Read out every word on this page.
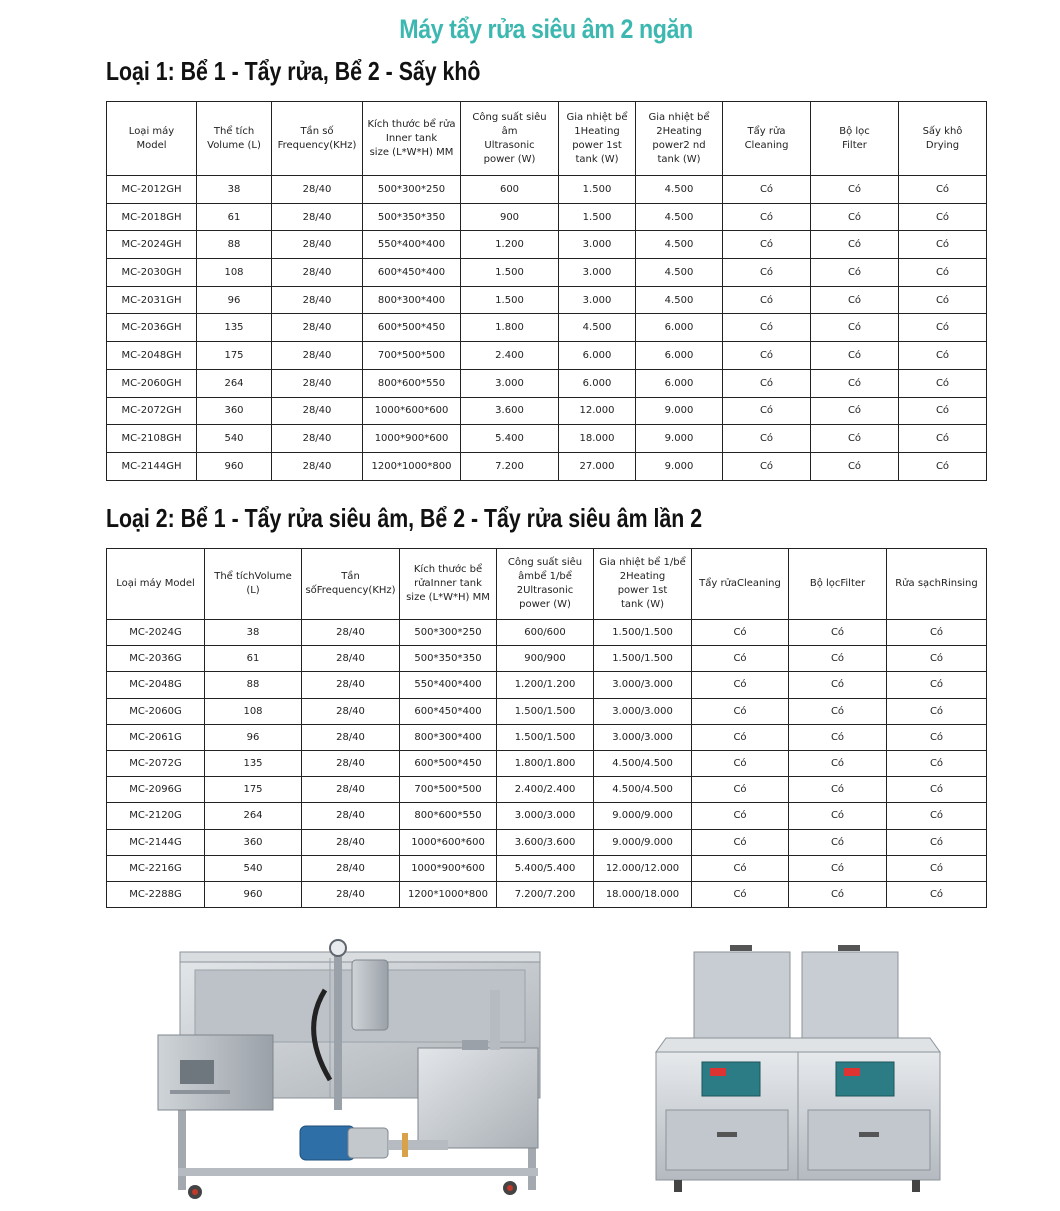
Máy tẩy rửa siêu âm 2 ngăn
Loại 1: Bể 1 - Tẩy rửa, Bể 2 - Sấy khô
Loại máy
Model	Thể tích
Volume (L)	Tần số
Frequency(KHz)	Kích thước bể rửa
Inner tank
size (L*W*H) MM	Công suất siêu âm
Ultrasonic
power (W)	Gia nhiệt bể
1Heating
power 1st
tank (W)	Gia nhiệt bể
2Heating
power2 nd
tank (W)	Tẩy rửa
Cleaning	Bộ lọc
Filter	Sấy khô
Drying
MC-2012GH	38	28/40	500*300*250	600	1.500	4.500	Có	Có	Có
MC-2018GH	61	28/40	500*350*350	900	1.500	4.500	Có	Có	Có
MC-2024GH	88	28/40	550*400*400	1.200	3.000	4.500	Có	Có	Có
MC-2030GH	108	28/40	600*450*400	1.500	3.000	4.500	Có	Có	Có
MC-2031GH	96	28/40	800*300*400	1.500	3.000	4.500	Có	Có	Có
MC-2036GH	135	28/40	600*500*450	1.800	4.500	6.000	Có	Có	Có
MC-2048GH	175	28/40	700*500*500	2.400	6.000	6.000	Có	Có	Có
MC-2060GH	264	28/40	800*600*550	3.000	6.000	6.000	Có	Có	Có
MC-2072GH	360	28/40	1000*600*600	3.600	12.000	9.000	Có	Có	Có
MC-2108GH	540	28/40	1000*900*600	5.400	18.000	9.000	Có	Có	Có
MC-2144GH	960	28/40	1200*1000*800	7.200	27.000	9.000	Có	Có	Có
Loại 2: Bể 1 - Tẩy rửa siêu âm, Bể 2 - Tẩy rửa siêu âm lần 2
Loại máy Model	Thể tíchVolume (L)	Tần
sốFrequency(KHz)	Kích thước bể
rửaInner tank
size (L*W*H) MM	Công suất siêu
âmbể 1/bể
2Ultrasonic
power (W)	Gia nhiệt bể 1/bể
2Heating
power 1st
tank (W)	Tẩy rửaCleaning	Bộ lọcFilter	Rửa sạchRinsing
MC-2024G	38	28/40	500*300*250	600/600	1.500/1.500	Có	Có	Có
MC-2036G	61	28/40	500*350*350	900/900	1.500/1.500	Có	Có	Có
MC-2048G	88	28/40	550*400*400	1.200/1.200	3.000/3.000	Có	Có	Có
MC-2060G	108	28/40	600*450*400	1.500/1.500	3.000/3.000	Có	Có	Có
MC-2061G	96	28/40	800*300*400	1.500/1.500	3.000/3.000	Có	Có	Có
MC-2072G	135	28/40	600*500*450	1.800/1.800	4.500/4.500	Có	Có	Có
MC-2096G	175	28/40	700*500*500	2.400/2.400	4.500/4.500	Có	Có	Có
MC-2120G	264	28/40	800*600*550	3.000/3.000	9.000/9.000	Có	Có	Có
MC-2144G	360	28/40	1000*600*600	3.600/3.600	9.000/9.000	Có	Có	Có
MC-2216G	540	28/40	1000*900*600	5.400/5.400	12.000/12.000	Có	Có	Có
MC-2288G	960	28/40	1200*1000*800	7.200/7.200	18.000/18.000	Có	Có	Có
